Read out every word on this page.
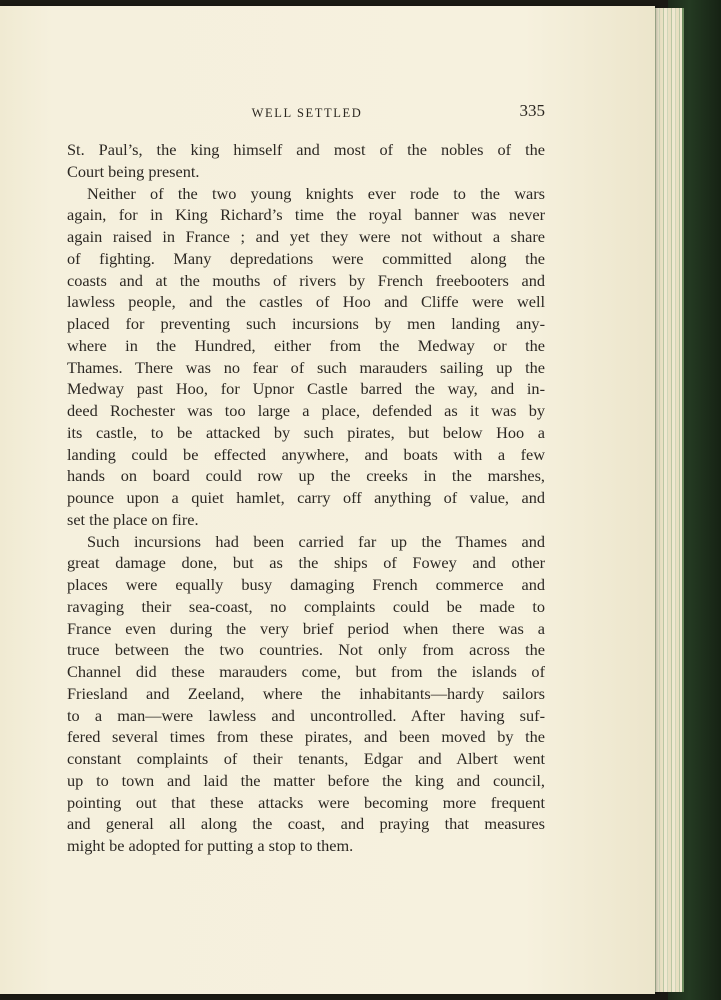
WELL SETTLED	335
St. Paul’s, the king himself and most of the nobles of the
Court being present.
Neither of the two young knights ever rode to the wars
again, for in King Richard’s time the royal banner was never
again raised in France ; and yet they were not without a share
of fighting. Many depredations were committed along the
coasts and at the mouths of rivers by French freebooters and
lawless people, and the castles of Hoo and Cliffe were well
placed for preventing such incursions by men landing any-
where in the Hundred, either from the Medway or the
Thames. There was no fear of such marauders sailing up the
Medway past Hoo, for Upnor Castle barred the way, and in-
deed Rochester was too large a place, defended as it was by
its castle, to be attacked by such pirates, but below Hoo a
landing could be effected anywhere, and boats with a few
hands on board could row up the creeks in the marshes,
pounce upon a quiet hamlet, carry off anything of value, and
set the place on fire.
Such incursions had been carried far up the Thames and
great damage done, but as the ships of Fowey and other
places were equally busy damaging French commerce and
ravaging their sea-coast, no complaints could be made to
France even during the very brief period when there was a
truce between the two countries. Not only from across the
Channel did these marauders come, but from the islands of
Friesland and Zeeland, where the inhabitants—hardy sailors
to a man—were lawless and uncontrolled. After having suf-
fered several times from these pirates, and been moved by the
constant complaints of their tenants, Edgar and Albert went
up to town and laid the matter before the king and council,
pointing out that these attacks were becoming more frequent
and general all along the coast, and praying that measures
might be adopted for putting a stop to them.
